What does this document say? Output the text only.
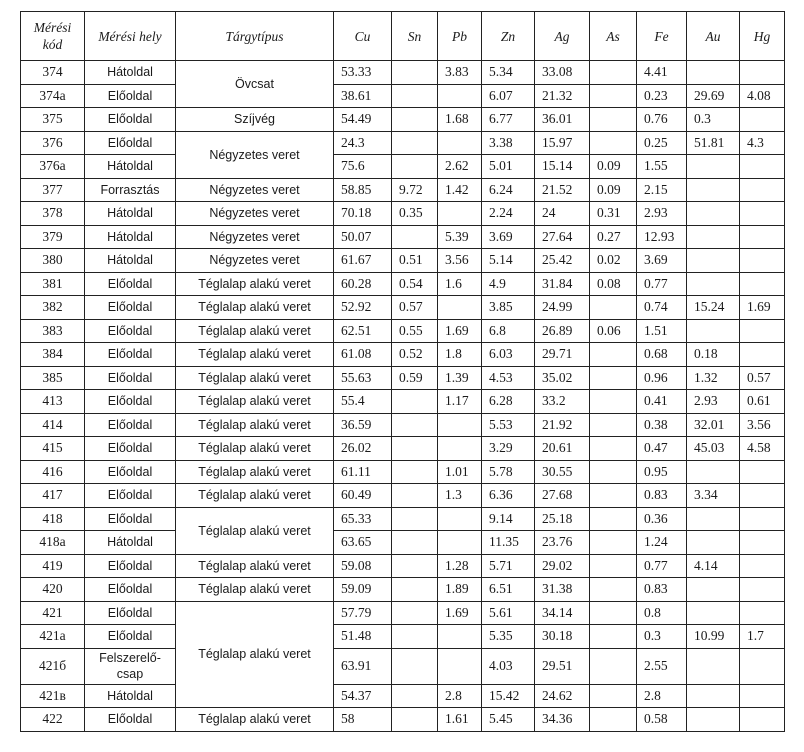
Mérési kód	Mérési hely	Tárgytípus	Cu	Sn	Pb	Zn	Ag	As	Fe	Au	Hg
374	Hátoldal	Övcsat	53.33		3.83	5.34	33.08		4.41		
374a	Előoldal		38.61			6.07	21.32		0.23	29.69	4.08
375	Előoldal	Szíjvég	54.49		1.68	6.77	36.01		0.76	0.3	
376	Előoldal	Négyzetes veret	24.3			3.38	15.97		0.25	51.81	4.3
376a	Hátoldal		75.6		2.62	5.01	15.14	0.09	1.55		
377	Forrasztás	Négyzetes veret	58.85	9.72	1.42	6.24	21.52	0.09	2.15		
378	Hátoldal	Négyzetes veret	70.18	0.35		2.24	24	0.31	2.93		
379	Hátoldal	Négyzetes veret	50.07		5.39	3.69	27.64	0.27	12.93		
380	Hátoldal	Négyzetes veret	61.67	0.51	3.56	5.14	25.42	0.02	3.69		
381	Előoldal	Téglalap alakú veret	60.28	0.54	1.6	4.9	31.84	0.08	0.77		
382	Előoldal	Téglalap alakú veret	52.92	0.57		3.85	24.99		0.74	15.24	1.69
383	Előoldal	Téglalap alakú veret	62.51	0.55	1.69	6.8	26.89	0.06	1.51		
384	Előoldal	Téglalap alakú veret	61.08	0.52	1.8	6.03	29.71		0.68	0.18	
385	Előoldal	Téglalap alakú veret	55.63	0.59	1.39	4.53	35.02		0.96	1.32	0.57
413	Előoldal	Téglalap alakú veret	55.4		1.17	6.28	33.2		0.41	2.93	0.61
414	Előoldal	Téglalap alakú veret	36.59			5.53	21.92		0.38	32.01	3.56
415	Előoldal	Téglalap alakú veret	26.02			3.29	20.61		0.47	45.03	4.58
416	Előoldal	Téglalap alakú veret	61.11		1.01	5.78	30.55		0.95		
417	Előoldal	Téglalap alakú veret	60.49		1.3	6.36	27.68		0.83	3.34	
418	Előoldal	Téglalap alakú veret	65.33			9.14	25.18		0.36		
418a	Hátoldal		63.65			11.35	23.76		1.24		
419	Előoldal	Téglalap alakú veret	59.08		1.28	5.71	29.02		0.77	4.14	
420	Előoldal	Téglalap alakú veret	59.09		1.89	6.51	31.38		0.83		
421	Előoldal	Téglalap alakú veret	57.79		1.69	5.61	34.14		0.8		
421a	Előoldal		51.48			5.35	30.18		0.3	10.99	1.7
421б	Felszerelő-csap		63.91			4.03	29.51		2.55		
421в	Hátoldal		54.37		2.8	15.42	24.62		2.8		
422	Előoldal	Téglalap alakú veret	58		1.61	5.45	34.36		0.58		
